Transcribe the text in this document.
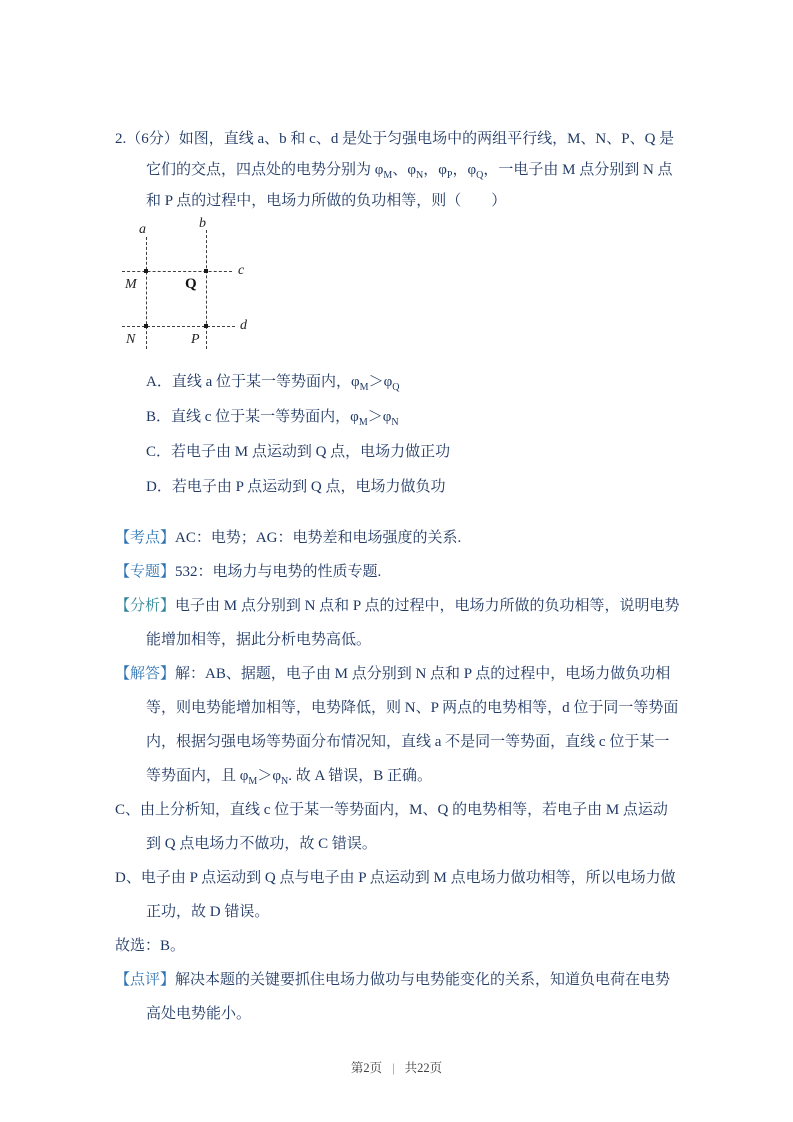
2.（6分）如图，直线 a、b 和 c、d 是处于匀强电场中的两组平行线，M、N、P、Q 是它们的交点，四点处的电势分别为 $\varphi_M$、$\varphi_N$，$\varphi_P$，$\varphi_Q$，一电子由 M 点分别到 N 点和 P 点的过程中，电场力所做的负功相等，则（　　）

a	b
c
d
M	Q
N	P

A．直线 a 位于某一等势面内，$\varphi_M>\varphi_Q$

B．直线 c 位于某一等势面内，$\varphi_M>\varphi_N$

C．若电子由 M 点运动到 Q 点，电场力做正功

D．若电子由 P 点运动到 Q 点，电场力做负功

【考点】AC：电势；AG：电势差和电场强度的关系.

【专题】532：电场力与电势的性质专题.

【分析】电子由 M 点分别到 N 点和 P 点的过程中，电场力所做的负功相等，说明电势能增加相等，据此分析电势高低。

【解答】解：AB、据题，电子由 M 点分别到 N 点和 P 点的过程中，电场力做负功相等，则电势能增加相等，电势降低，则 N、P 两点的电势相等，d 位于同一等势面内，根据匀强电场等势面分布情况知，直线 a 不是同一等势面，直线 c 位于某一等势面内，且 $\varphi_M>\varphi_N$. 故 A 错误，B 正确。

C、由上分析知，直线 c 位于某一等势面内，M、Q 的电势相等，若电子由 M 点运动到 Q 点电场力不做功，故 C 错误。

D、电子由 P 点运动到 Q 点与电子由 P 点运动到 M 点电场力做功相等，所以电场力做正功，故 D 错误。

故选：B。

【点评】解决本题的关键要抓住电场力做功与电势能变化的关系，知道负电荷在电势高处电势能小。

第2页 | 共22页
